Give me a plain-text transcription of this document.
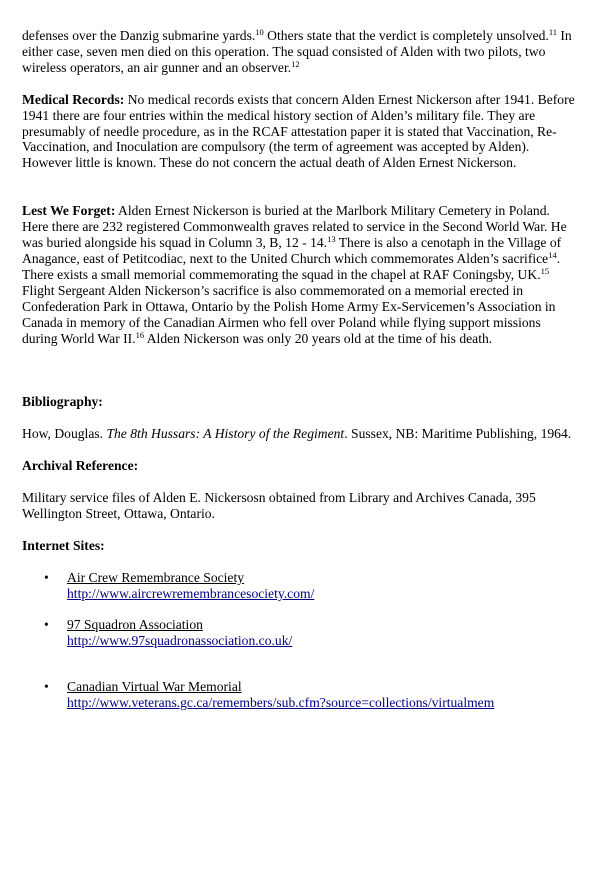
defenses over the Danzig submarine yards.$^{10}$ Others state that the verdict is completely unsolved.$^{11}$ In either case, seven men died on this operation. The squad consisted of Alden with two pilots, two wireless operators, an air gunner and an observer.$^{12}$

Medical Records: No medical records exists that concern Alden Ernest Nickerson after 1941. Before 1941 there are four entries within the medical history section of Alden’s military file. They are presumably of needle procedure, as in the RCAF attestation paper it is stated that Vaccination, Re-Vaccination, and Inoculation are compulsory (the term of agreement was accepted by Alden). However little is known. These do not concern the actual death of Alden Ernest Nickerson.

Lest We Forget: Alden Ernest Nickerson is buried at the Marlbork Military Cemetery in Poland. Here there are 232 registered Commonwealth graves related to service in the Second World War. He was buried alongside his squad in Column 3, B, 12 - 14.13 There is also a cenotaph in the Village of Anagance, east of Petitcodiac, next to the United Church which commemorates Alden’s sacrifice$^{14}$. There exists a small memorial commemorating the squad in the chapel at RAF Coningsby, UK.$^{15}$ Flight Sergeant Alden Nickerson’s sacrifice is also commemorated on a memorial erected in Confederation Park in Ottawa, Ontario by the Polish Home Army Ex-Servicemen’s Association in Canada in memory of the Canadian Airmen who fell over Poland while flying support missions during World War II.$^{16}$ Alden Nickerson was only 20 years old at the time of his death.

Bibliography:

How, Douglas. The 8th Hussars: A History of the Regiment. Sussex, NB: Maritime Publishing, 1964.

Archival Reference:

Military service files of Alden E. Nickersosn obtained from Library and Archives Canada, 395 Wellington Street, Ottawa, Ontario.

Internet Sites:

• Air Crew Remembrance Society
http://www.aircrewremembrancesociety.com/
• 97 Squadron Association
http://www.97squadronassociation.co.uk/
• Canadian Virtual War Memorial
http://www.veterans.gc.ca/remembers/sub.cfm?source=collections/virtualmem
